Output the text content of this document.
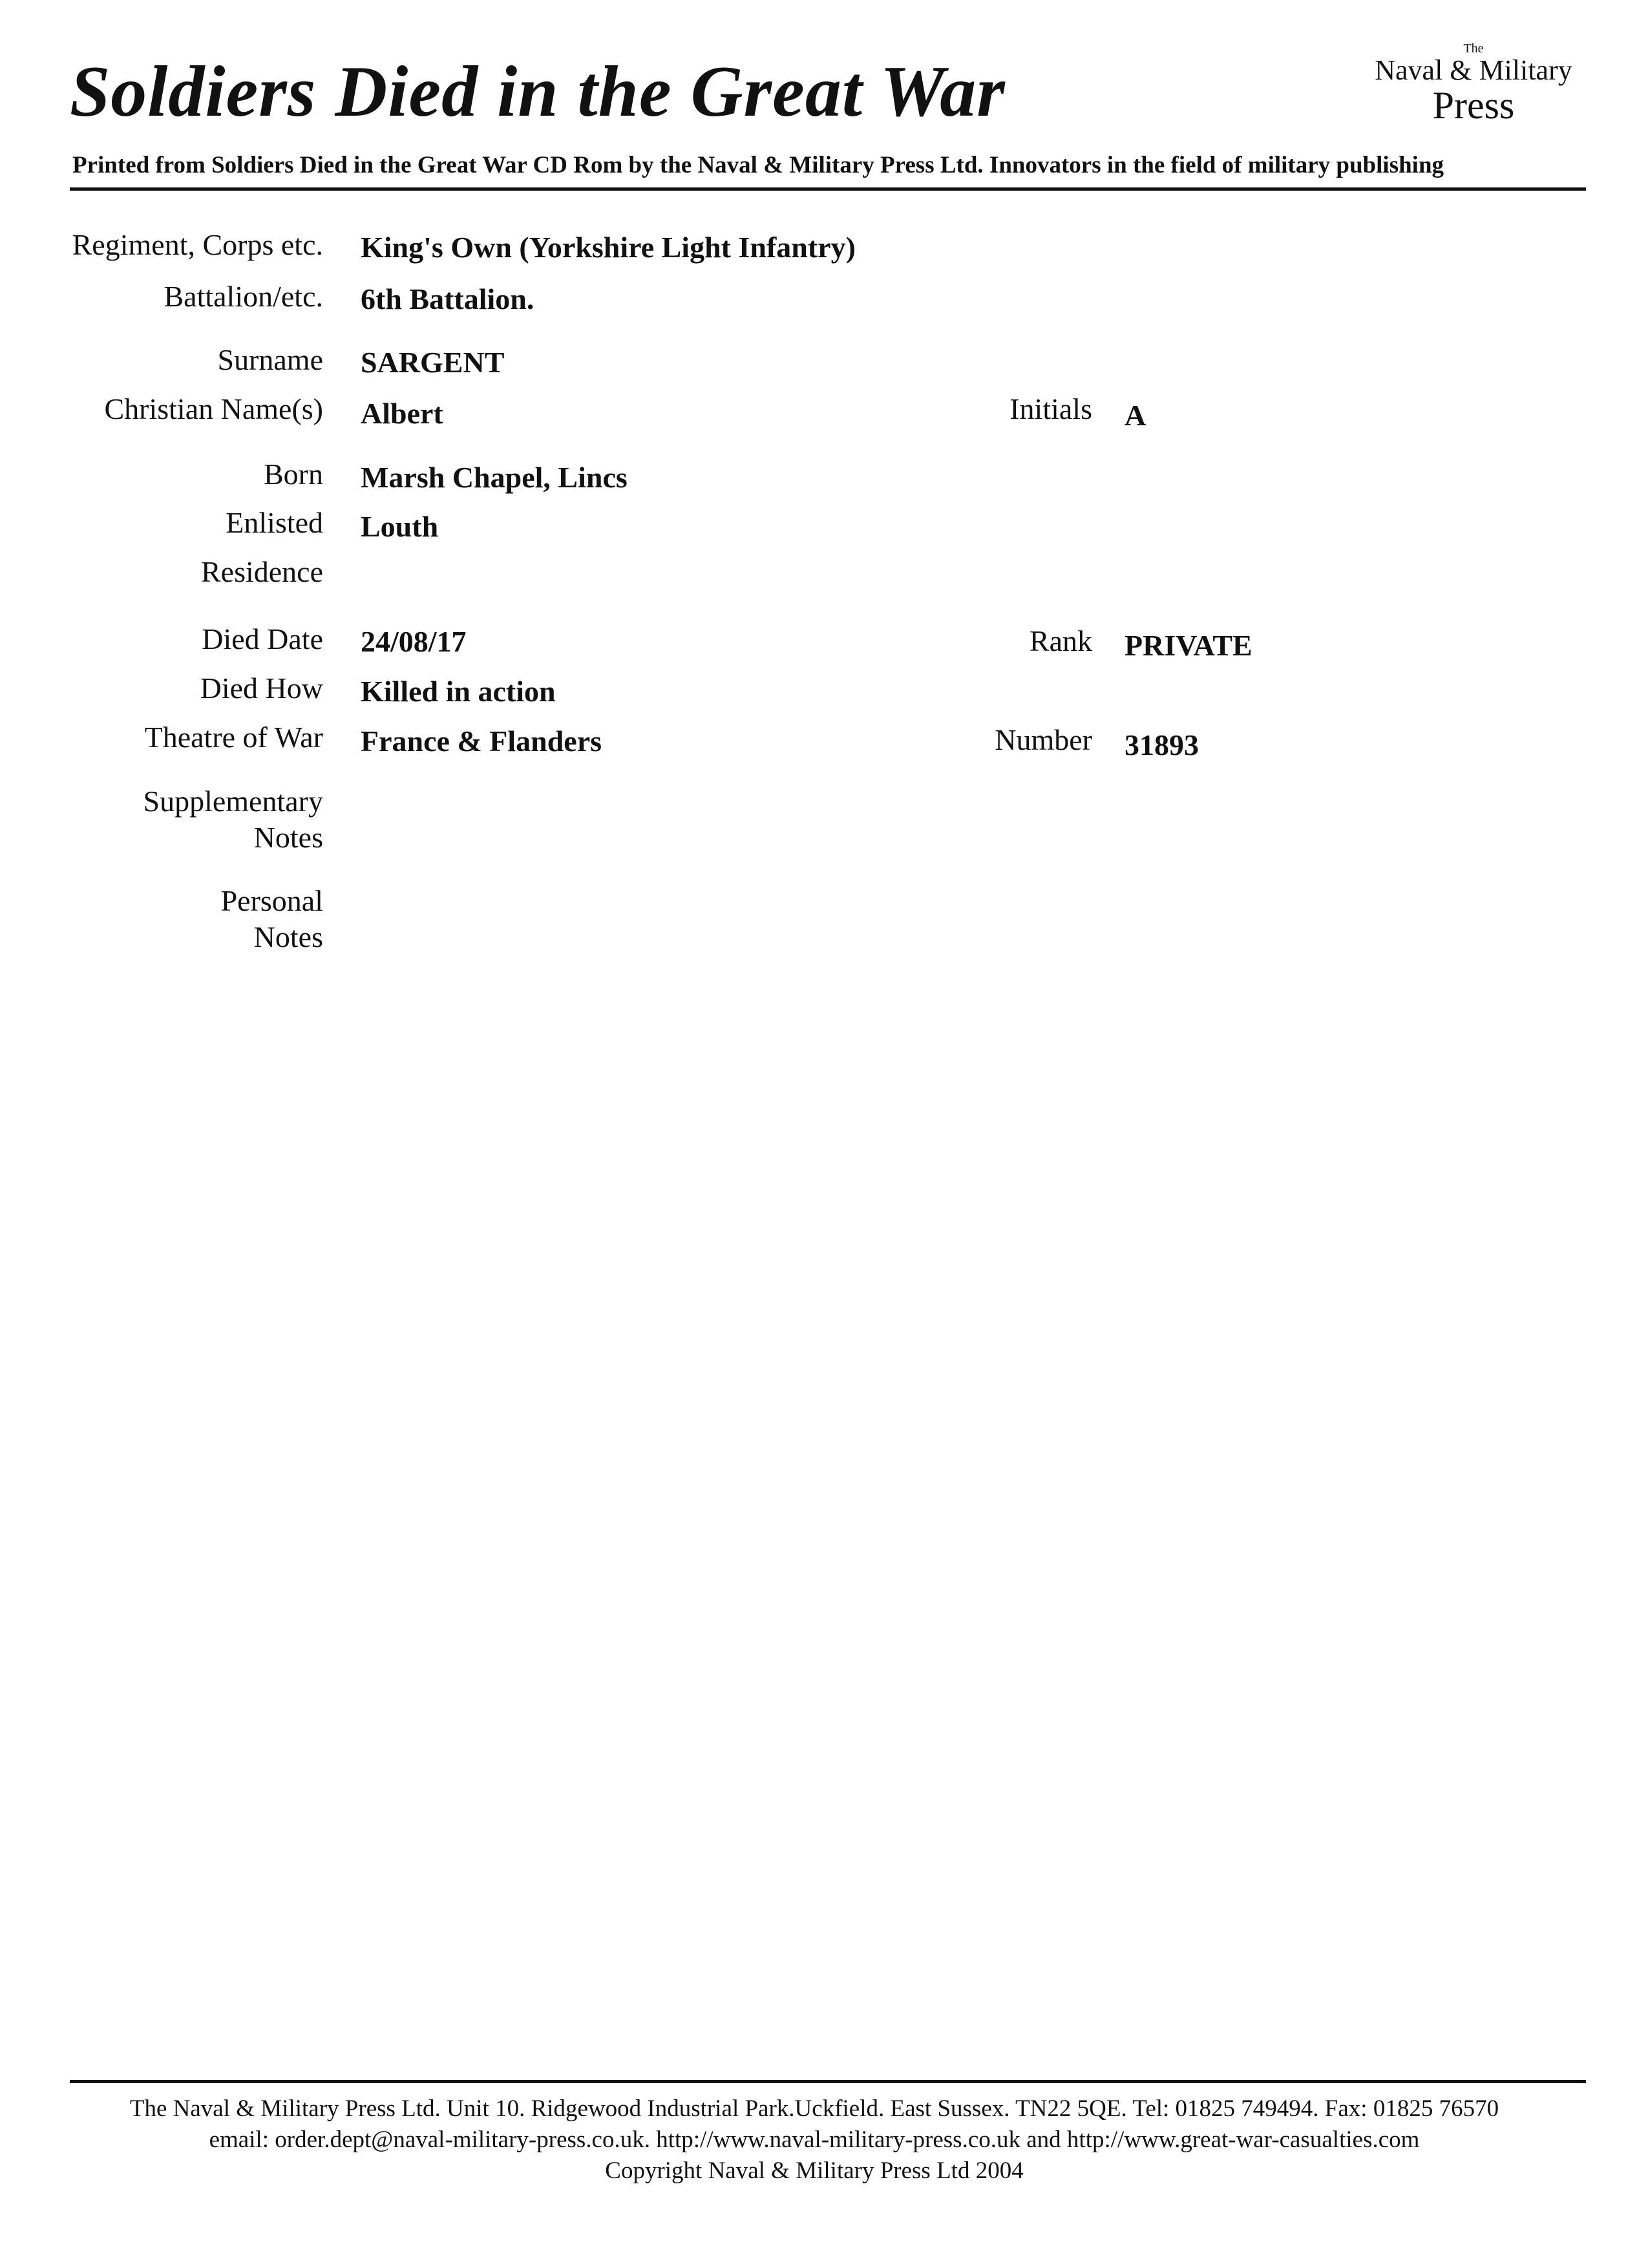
Soldiers Died in the Great War
The
Naval & Military
Press
Printed from Soldiers Died in the Great War CD Rom by the Naval & Military Press Ltd. Innovators in the field of military publishing
Regiment, Corps etc. King's Own (Yorkshire Light Infantry)
Battalion/etc. 6th Battalion.
Surname SARGENT
Christian Name(s) Albert	Initials A
Born Marsh Chapel, Lincs
Enlisted Louth
Residence
Died Date 24/08/17	Rank PRIVATE
Died How Killed in action
Theatre of War France & Flanders	Number 31893
Supplementary
Notes
Personal
Notes
The Naval & Military Press Ltd. Unit 10. Ridgewood Industrial Park.Uckfield. East Sussex. TN22 5QE. Tel: 01825 749494. Fax: 01825 76570
email: order.dept@naval-military-press.co.uk. http://www.naval-military-press.co.uk and http://www.great-war-casualties.com
Copyright Naval & Military Press Ltd 2004
